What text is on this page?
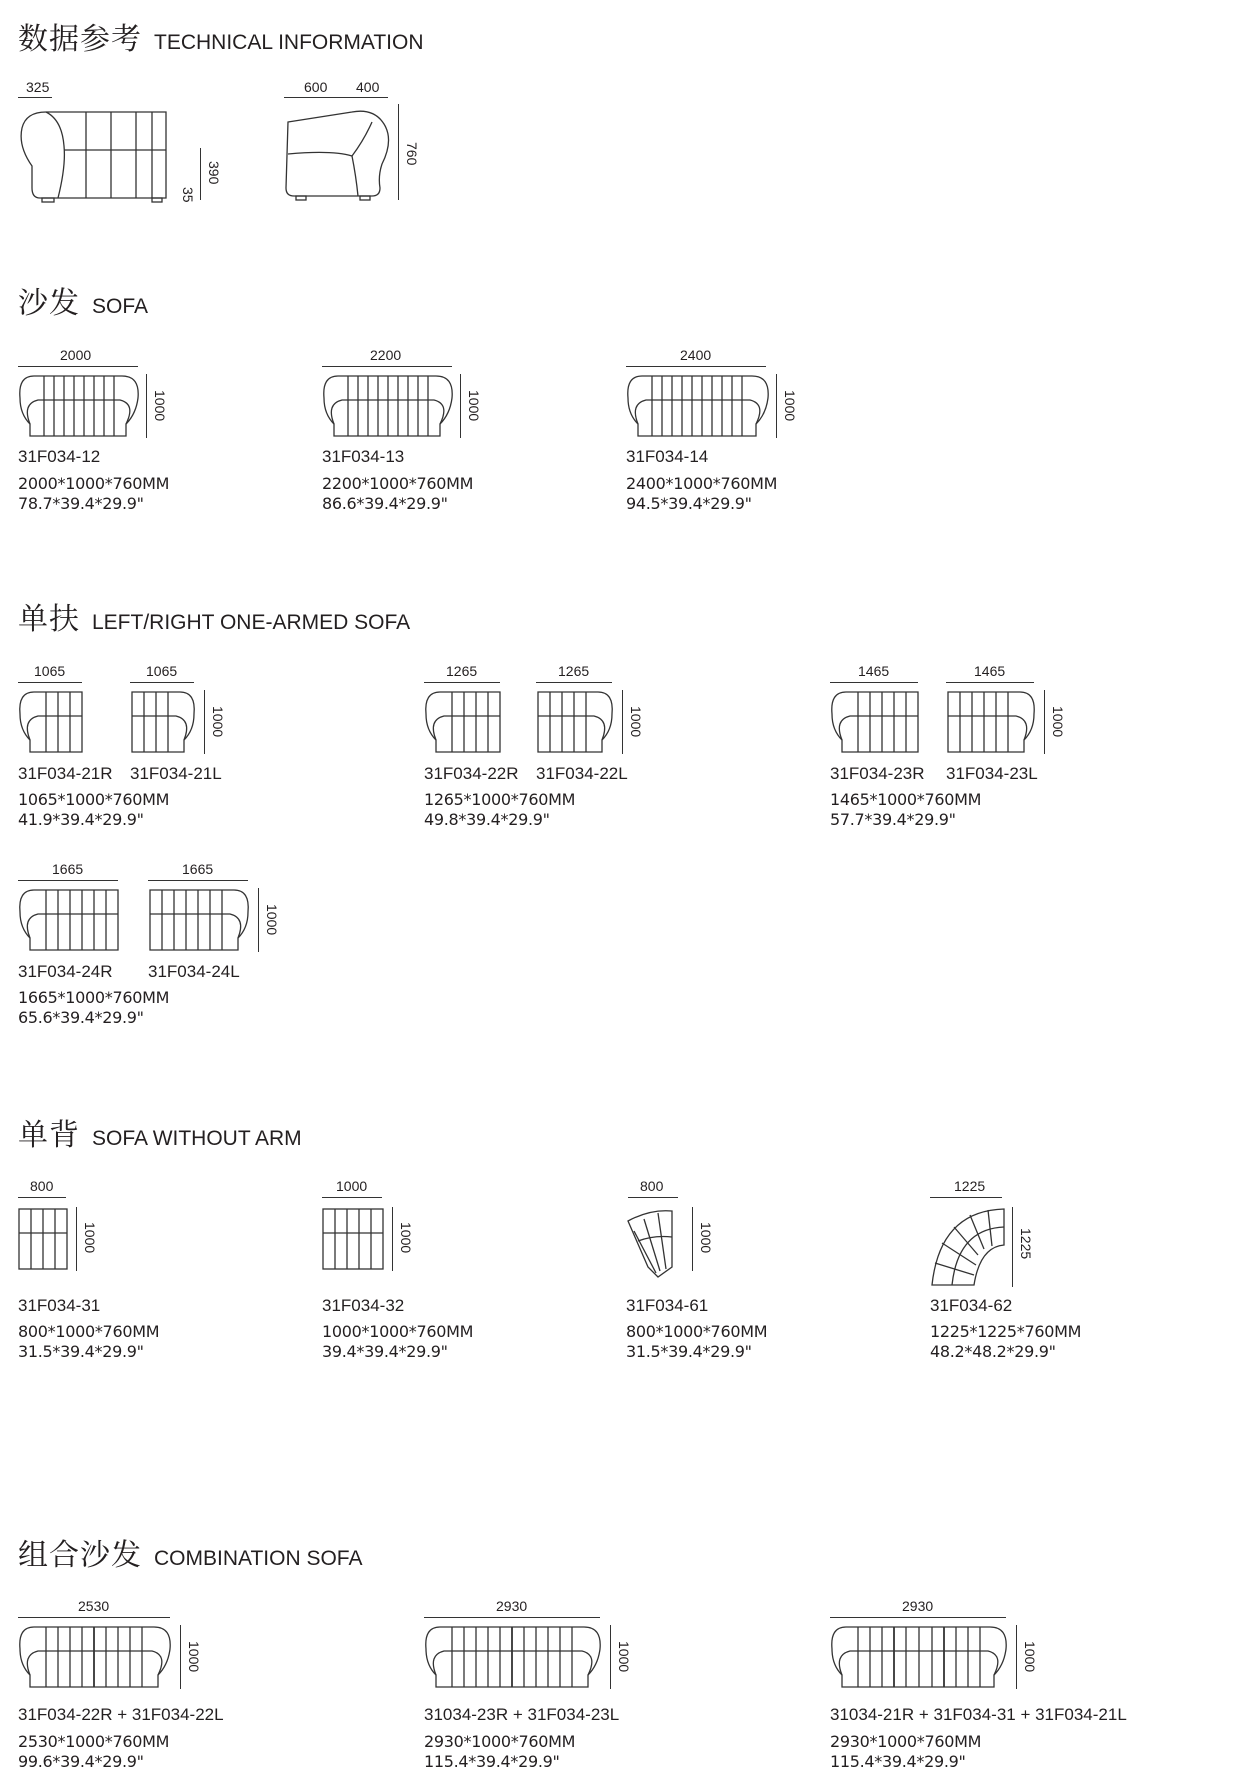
数据参考 TECHNICAL INFORMATION
325
390
35
600 400
760
沙发 SOFA
2000
1000
31F034-12
2000*1000*760MM
78.7*39.4*29.9"
2200
1000
31F034-13
2200*1000*760MM
86.6*39.4*29.9"
2400
1000
31F034-14
2400*1000*760MM
94.5*39.4*29.9"
单扶 LEFT/RIGHT ONE-ARMED SOFA
1065	1065
1000
31F034-21R 31F034-21L
1065*1000*760MM
41.9*39.4*29.9"
1265	1265
1000
31F034-22R 31F034-22L
1265*1000*760MM
49.8*39.4*29.9"
1465	1465
1000
31F034-23R 31F034-23L
1465*1000*760MM
57.7*39.4*29.9"
1665	1665
1000
31F034-24R 31F034-24L
1665*1000*760MM
65.6*39.4*29.9"
单背 SOFA WITHOUT ARM
800
1000
31F034-31
800*1000*760MM
31.5*39.4*29.9"
1000
1000
31F034-32
1000*1000*760MM
39.4*39.4*29.9"
800
1000
31F034-61
800*1000*760MM
31.5*39.4*29.9"
1225
1225
31F034-62
1225*1225*760MM
48.2*48.2*29.9"
组合沙发 COMBINATION SOFA
2530
1000
31F034-22R + 31F034-22L
2530*1000*760MM
99.6*39.4*29.9"
2930
1000
31034-23R + 31F034-23L
2930*1000*760MM
115.4*39.4*29.9"
2930
1000
31034-21R + 31F034-31 + 31F034-21L
2930*1000*760MM
115.4*39.4*29.9"
